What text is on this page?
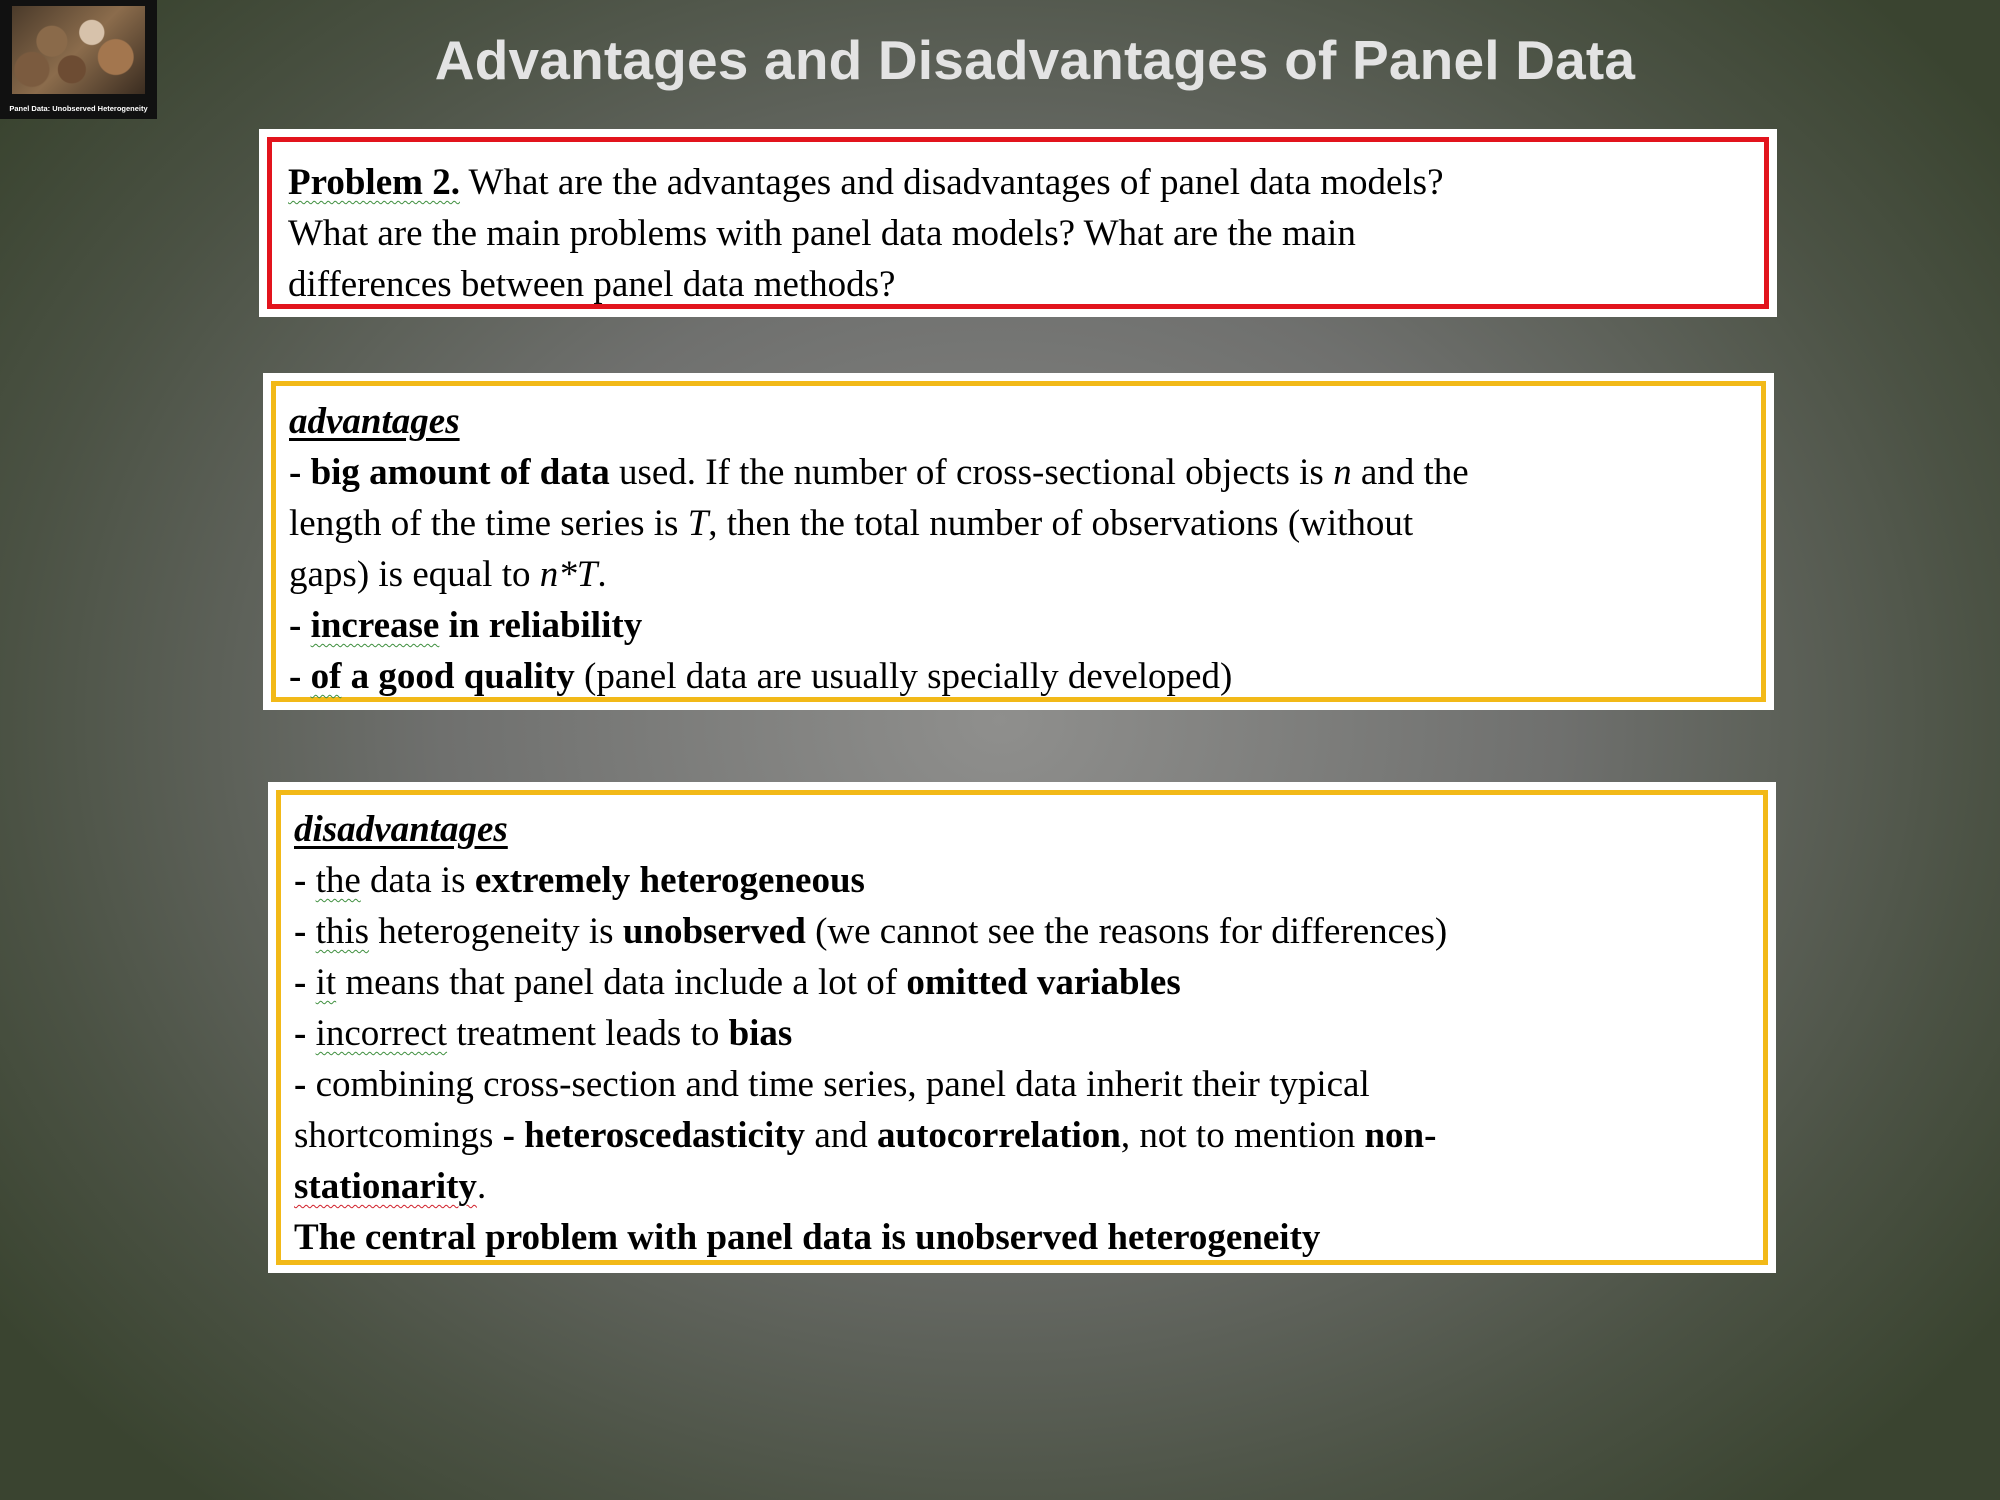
Panel Data: Unobserved Heterogeneity
Advantages and Disadvantages of Panel Data
Problem 2. What are the advantages and disadvantages of panel data models?
What are the main problems with panel data models? What are the main
differences between panel data methods?
advantages
- big amount of data used. If the number of cross-sectional objects is n and the
length of the time series is T, then the total number of observations (without
gaps) is equal to n*T.
- increase in reliability
- of a good quality (panel data are usually specially developed)
disadvantages
- the data is extremely heterogeneous
- this heterogeneity is unobserved (we cannot see the reasons for differences)
- it means that panel data include a lot of omitted variables
- incorrect treatment leads to bias
- combining cross-section and time series, panel data inherit their typical
shortcomings - heteroscedasticity and autocorrelation, not to mention non-
stationarity.
The central problem with panel data is unobserved heterogeneity
